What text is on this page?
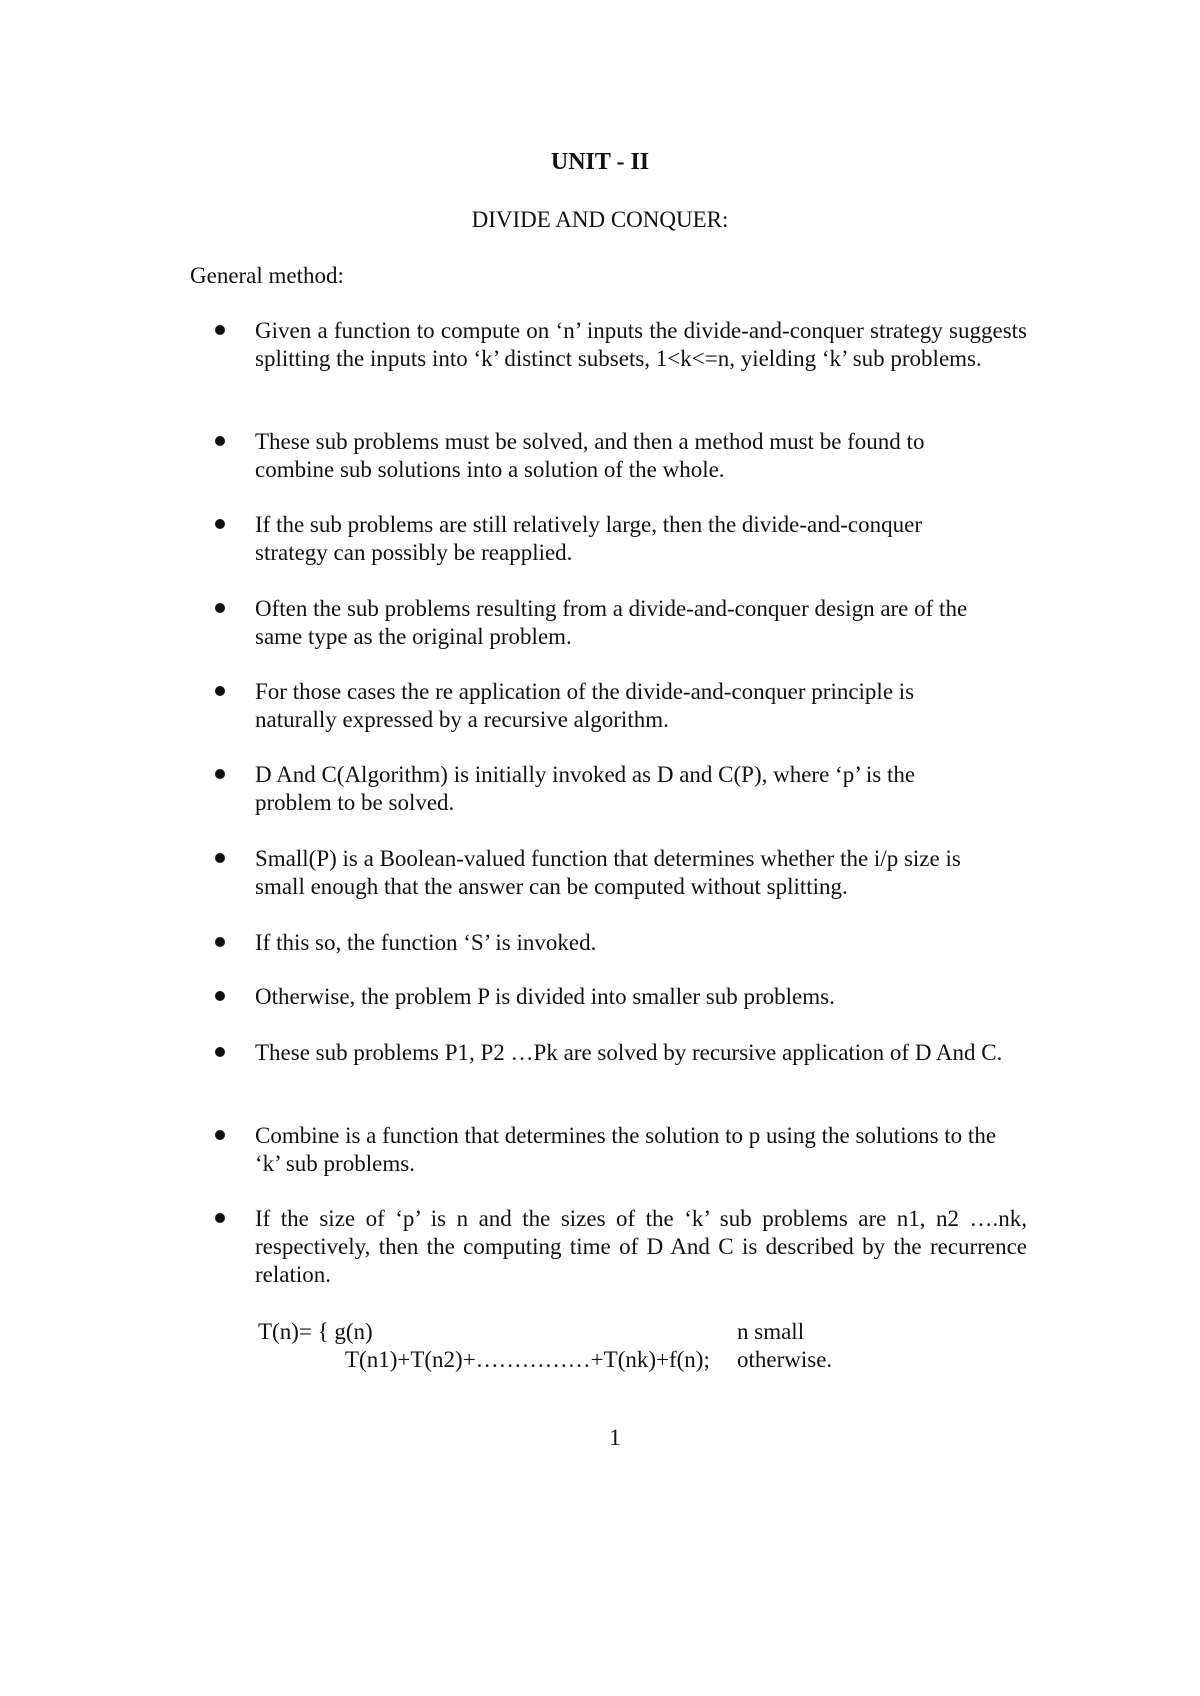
UNIT - II
DIVIDE AND CONQUER:
General method:
Given a function to compute on ‘n’ inputs the divide-and-conquer strategy suggests splitting the inputs into ‘k’ distinct subsets, 1<k<=n, yielding ‘k’ sub problems.
These sub problems must be solved, and then a method must be found to combine sub solutions into a solution of the whole.
If the sub problems are still relatively large, then the divide-and-conquer strategy can possibly be reapplied.
Often the sub problems resulting from a divide-and-conquer design are of the same type as the original problem.
For those cases the re application of the divide-and-conquer principle is naturally expressed by a recursive algorithm.
D And C(Algorithm) is initially invoked as D and C(P), where ‘p’ is the problem to be solved.
Small(P) is a Boolean-valued function that determines whether the i/p size is small enough that the answer can be computed without splitting.
If this so, the function ‘S’ is invoked.
Otherwise, the problem P is divided into smaller sub problems.
These sub problems P1, P2 …Pk are solved by recursive application of D And C.
Combine is a function that determines the solution to p using the solutions to the ‘k’ sub problems.
If the size of ‘p’ is n and the sizes of the ‘k’ sub problems are n1, n2 ….nk, respectively, then the computing time of D And C is described by the recurrence relation.
T(n)= { g(n)	n small
T(n1)+T(n2)+……………+T(nk)+f(n); otherwise.
1
